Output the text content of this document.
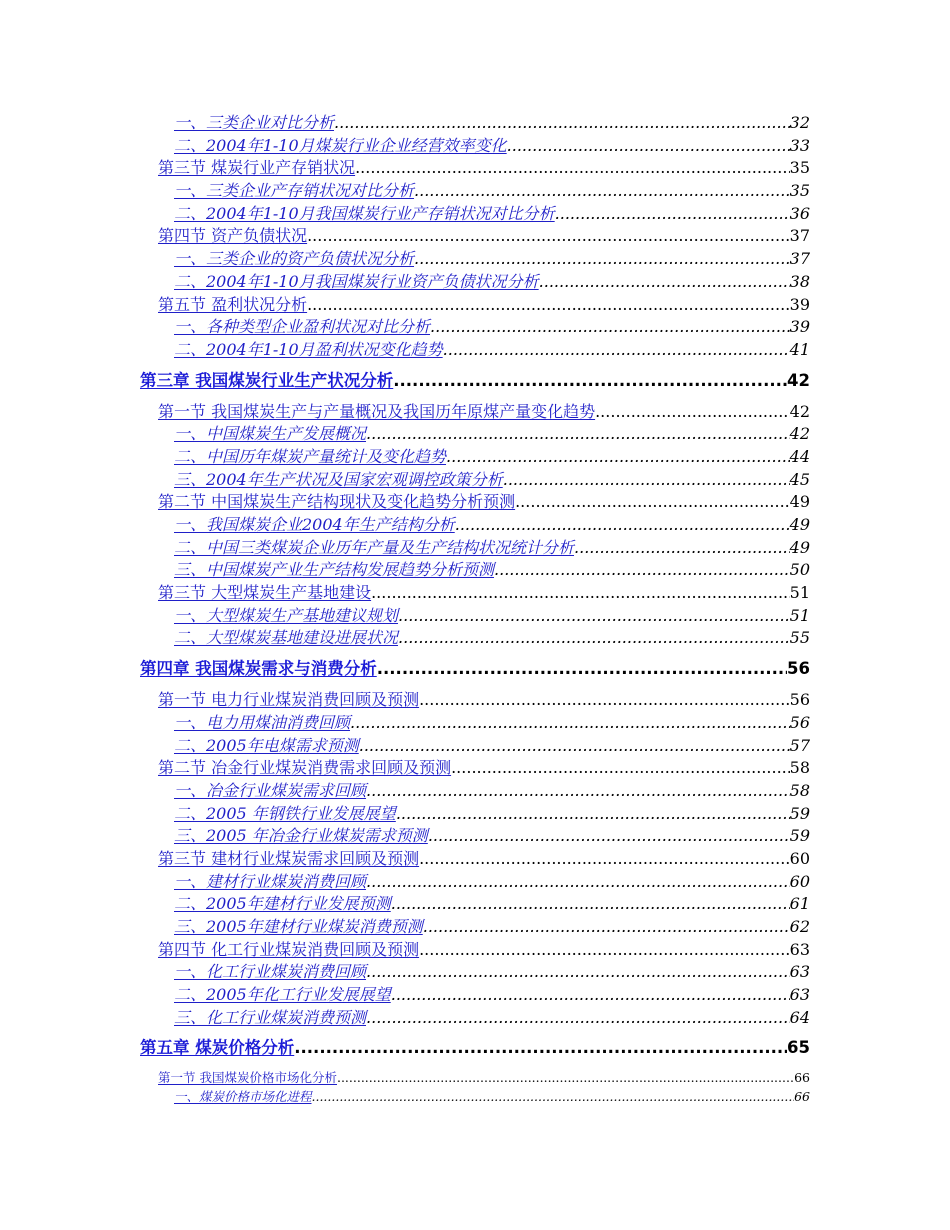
一、三类企业对比分析 .....	32
二、2004年1-10月煤炭行业企业经营效率变化 .....	33
第三节 煤炭行业产存销状况 .....	35
一、三类企业产存销状况对比分析 .....	35
二、2004年1-10月我国煤炭行业产存销状况对比分析 .....	36
第四节 资产负债状况 .....	37
一、三类企业的资产负债状况分析 .....	37
二、2004年1-10月我国煤炭行业资产负债状况分析 .....	38
第五节 盈利状况分析 .....	39
一、各种类型企业盈利状况对比分析 .....	39
二、2004年1-10月盈利状况变化趋势 .....	41
第三章 我国煤炭行业生产状况分析 .....	42
第一节 我国煤炭生产与产量概况及我国历年原煤产量变化趋势 .....	42
一、中国煤炭生产发展概况 .....	42
二、中国历年煤炭产量统计及变化趋势 .....	44
三、2004年生产状况及国家宏观调控政策分析 .....	45
第二节 中国煤炭生产结构现状及变化趋势分析预测 .....	49
一、我国煤炭企业2004年生产结构分析 .....	49
二、中国三类煤炭企业历年产量及生产结构状况统计分析 .....	49
三、中国煤炭产业生产结构发展趋势分析预测 .....	50
第三节 大型煤炭生产基地建设 .....	51
一、大型煤炭生产基地建议规划 .....	51
二、大型煤炭基地建设进展状况 .....	55
第四章 我国煤炭需求与消费分析 .....	56
第一节 电力行业煤炭消费回顾及预测 .....	56
一、电力用煤油消费回顾 .....	56
二、2005年电煤需求预测 .....	57
第二节 冶金行业煤炭消费需求回顾及预测 .....	58
一、冶金行业煤炭需求回顾 .....	58
二、2005 年钢铁行业发展展望 .....	59
三、2005 年冶金行业煤炭需求预测 .....	59
第三节 建材行业煤炭需求回顾及预测 .....	60
一、建材行业煤炭消费回顾 .....	60
二、2005年建材行业发展预测 .....	61
三、2005年建材行业煤炭消费预测 .....	62
第四节 化工行业煤炭消费回顾及预测 .....	63
一、化工行业煤炭消费回顾 .....	63
二、2005年化工行业发展展望 .....	63
三、化工行业煤炭消费预测 .....	64
第五章 煤炭价格分析 .....	65
第一节 我国煤炭价格市场化分析 .....	66
一、煤炭价格市场化进程 .....	66
